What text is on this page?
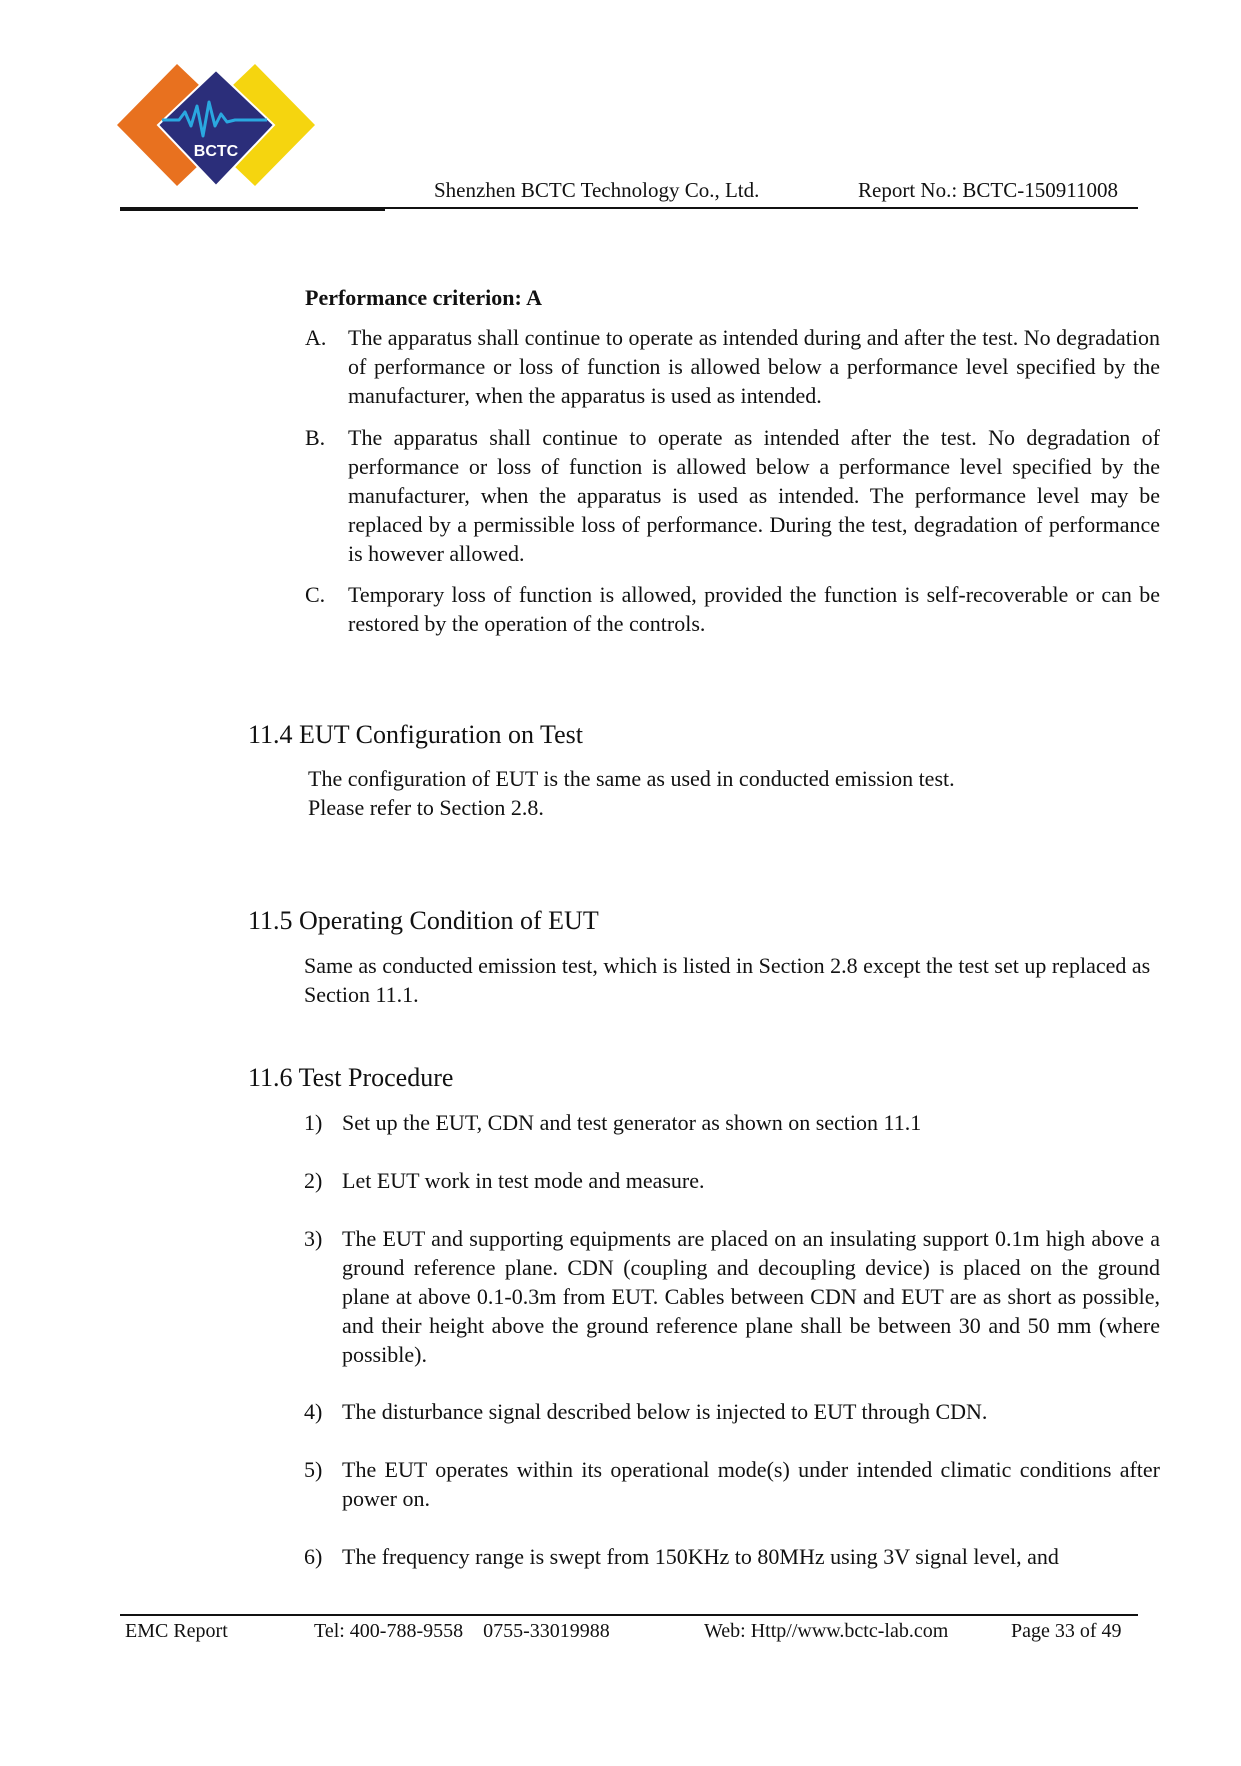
BCTC
Shenzhen BCTC Technology Co., Ltd.	Report No.: BCTC-150911008
Performance criterion: A
A. The apparatus shall continue to operate as intended during and after the test. No degradation of performance or loss of function is allowed below a performance level specified by the manufacturer, when the apparatus is used as intended.
B. The apparatus shall continue to operate as intended after the test. No degradation of performance or loss of function is allowed below a performance level specified by the manufacturer, when the apparatus is used as intended. The performance level may be replaced by a permissible loss of performance. During the test, degradation of performance is however allowed.
C. Temporary loss of function is allowed, provided the function is self-recoverable or can be restored by the operation of the controls.
11.4 EUT Configuration on Test
The configuration of EUT is the same as used in conducted emission test.
Please refer to Section 2.8.
11.5 Operating Condition of EUT
Same as conducted emission test, which is listed in Section 2.8 except the test set up replaced as Section 11.1.
11.6 Test Procedure
1) Set up the EUT, CDN and test generator as shown on section 11.1
2) Let EUT work in test mode and measure.
3) The EUT and supporting equipments are placed on an insulating support 0.1m high above a ground reference plane. CDN (coupling and decoupling device) is placed on the ground plane at above 0.1-0.3m from EUT. Cables between CDN and EUT are as short as possible, and their height above the ground reference plane shall be between 30 and 50 mm (where possible).
4) The disturbance signal described below is injected to EUT through CDN.
5) The EUT operates within its operational mode(s) under intended climatic conditions after power on.
6) The frequency range is swept from 150KHz to 80MHz using 3V signal level, and
EMC Report	Tel: 400-788-9558    0755-33019988	Web: Http//www.bctc-lab.com	Page 33 of 49
